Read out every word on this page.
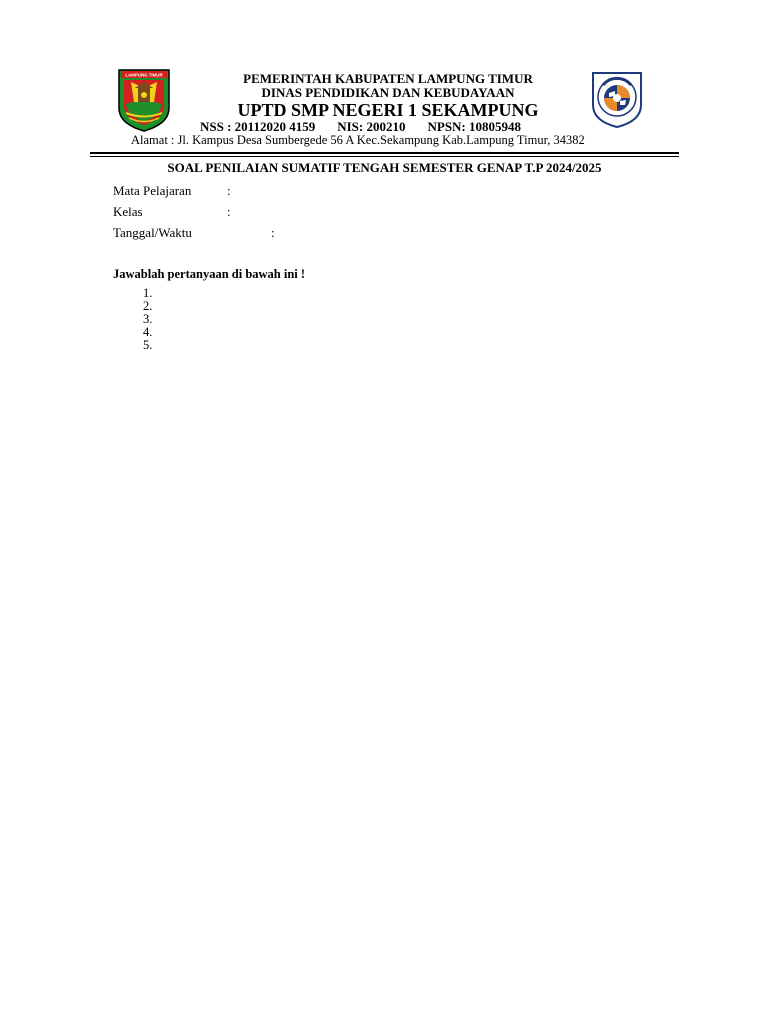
LAMPUNG TIMUR	PEMERINTAH KABUPATEN LAMPUNG TIMUR
DINAS PENDIDIKAN DAN KEBUDAYAAN
UPTD SMP NEGERI 1 SEKAMPUNG
NSS : 20112020 4159 NIS: 200210 NPSN: 10805948
Alamat : Jl. Kampus Desa Sumbergede 56 A Kec.Sekampung Kab.Lampung Timur, 34382
SOAL PENILAIAN SUMATIF TENGAH SEMESTER GENAP T.P 2024/2025
Mata Pelajaran	:
Kelas	:
Tanggal/Waktu	:
Jawablah pertanyaan di bawah ini !
1.
2.
3.
4.
5.
